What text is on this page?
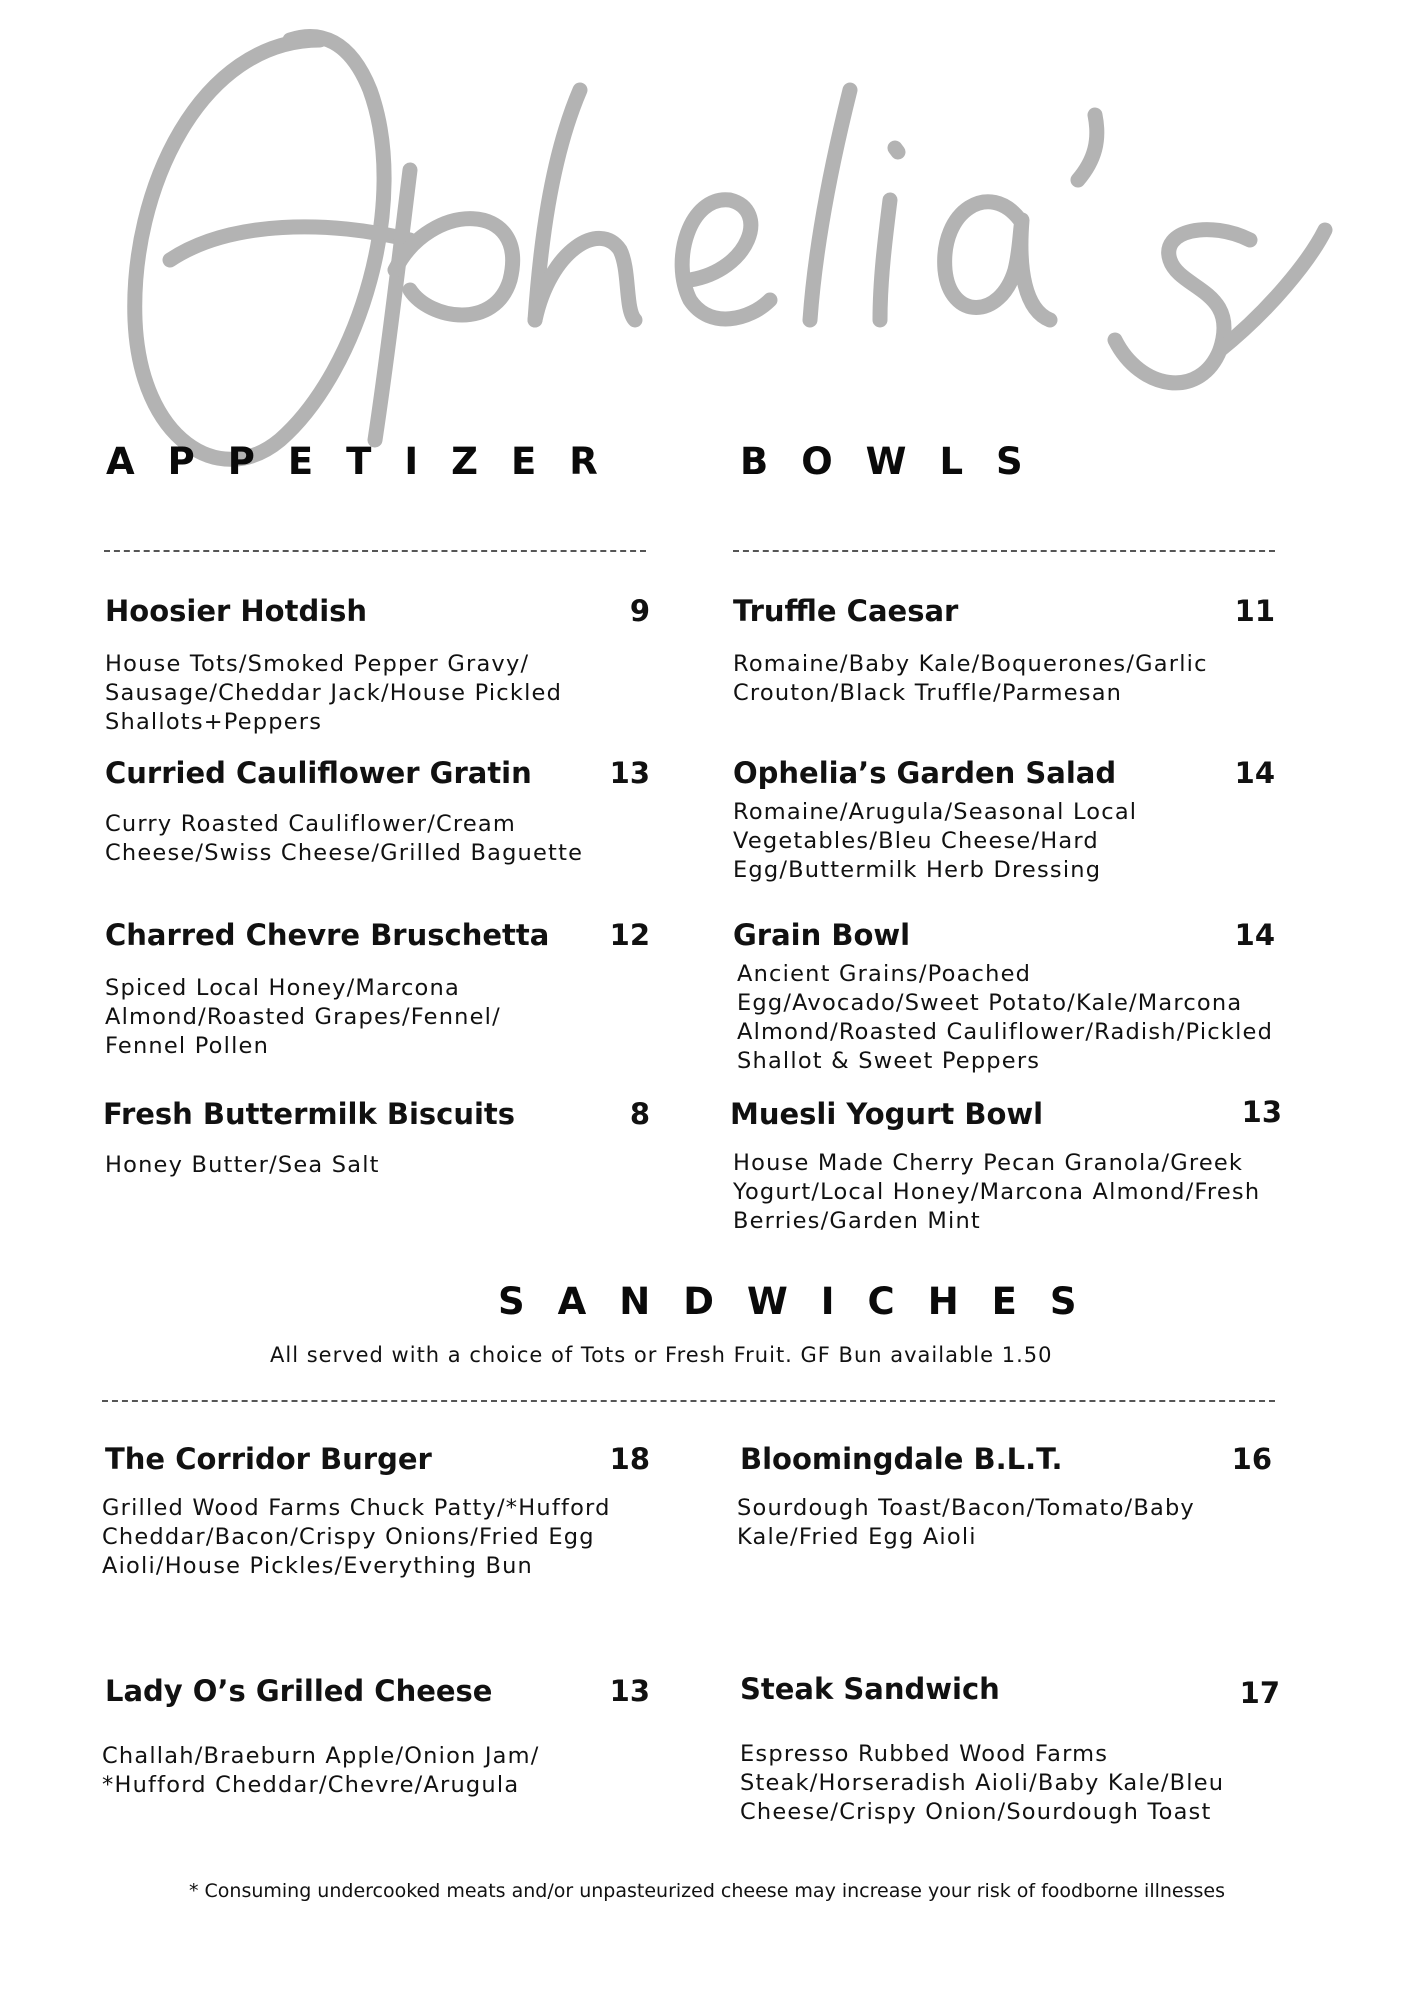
APPETIZER	BOWLS
Hoosier Hotdish	9
House Tots/Smoked Pepper Gravy/ Sausage/Cheddar Jack/House Pickled Shallots+Peppers
Curried Cauliflower Gratin	13
Curry Roasted Cauliflower/Cream Cheese/Swiss Cheese/Grilled Baguette
Charred Chevre Bruschetta 12
Spiced Local Honey/Marcona Almond/Roasted Grapes/Fennel/ Fennel Pollen
Fresh Buttermilk Biscuits	8
Honey Butter/Sea Salt
Truffle Caesar	11
Romaine/Baby Kale/Boquerones/Garlic Crouton/Black Truffle/Parmesan
Ophelia’s Garden Salad	14
Romaine/Arugula/Seasonal Local Vegetables/Bleu Cheese/Hard Egg/Buttermilk Herb Dressing
Grain Bowl	14
Ancient Grains/Poached Egg/Avocado/Sweet Potato/Kale/Marcona Almond/Roasted Cauliflower/Radish/Pickled Shallot & Sweet Peppers
Muesli Yogurt Bowl	13
House Made Cherry Pecan Granola/Greek Yogurt/Local Honey/Marcona Almond/Fresh Berries/Garden Mint
SANDWICHES
All served with a choice of Tots or Fresh Fruit. GF Bun available 1.50
The Corridor Burger	18
Grilled Wood Farms Chuck Patty/*Hufford Cheddar/Bacon/Crispy Onions/Fried Egg Aioli/House Pickles/Everything Bun
Bloomingdale B.L.T.	16
Sourdough Toast/Bacon/Tomato/Baby Kale/Fried Egg Aioli
Lady O’s Grilled Cheese	13
Challah/Braeburn Apple/Onion Jam/ *Hufford Cheddar/Chevre/Arugula
Steak Sandwich	17
Espresso Rubbed Wood Farms Steak/Horseradish Aioli/Baby Kale/Bleu Cheese/Crispy Onion/Sourdough Toast
* Consuming undercooked meats and/or unpasteurized cheese may increase your risk of foodborne illnesses
